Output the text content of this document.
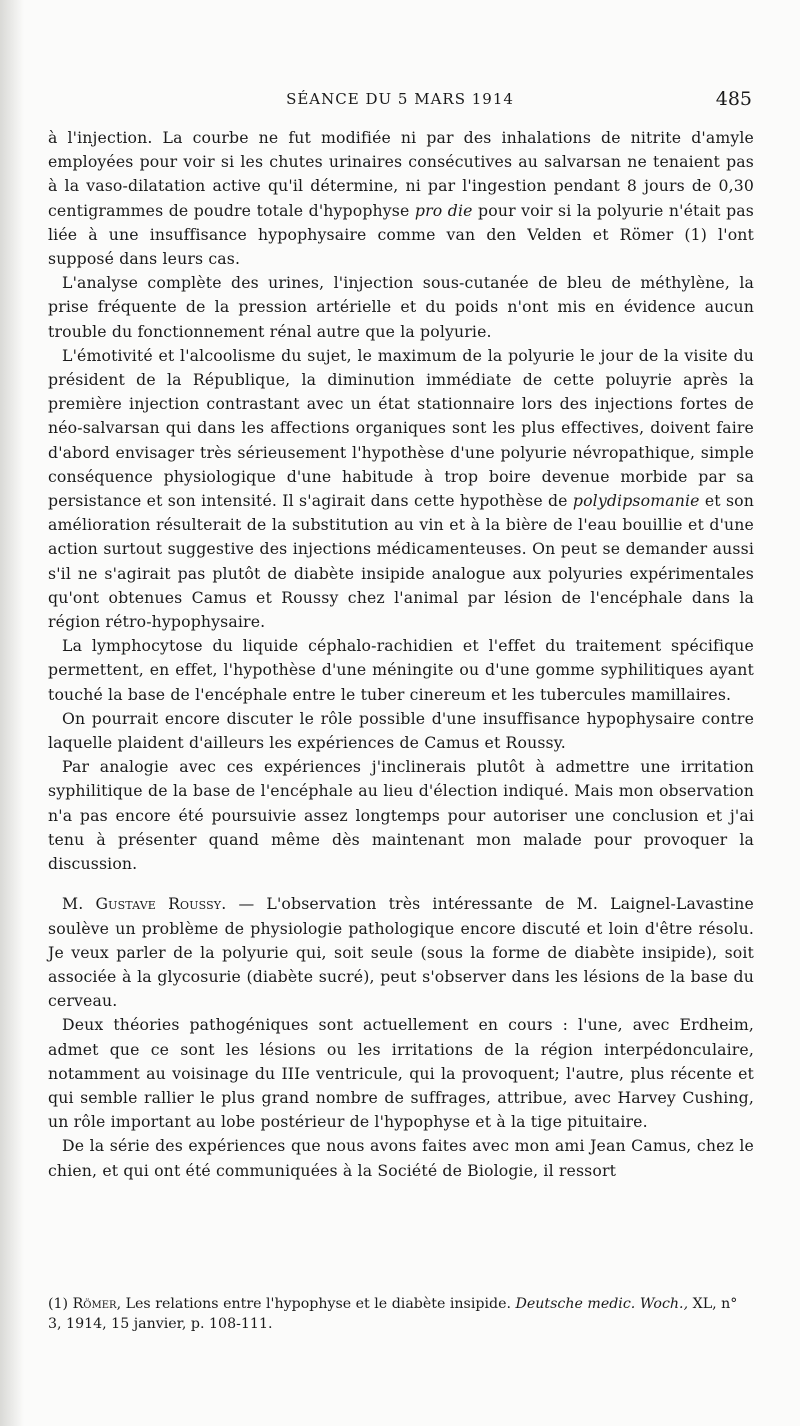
SÉANCE DU 5 MARS 1914	485

à l'injection. La courbe ne fut modifiée ni par des inhalations de nitrite d'amyle employées pour voir si les chutes urinaires consécutives au salvarsan ne tenaient pas à la vaso-dilatation active qu'il détermine, ni par l'ingestion pendant 8 jours de 0,30 centigrammes de poudre totale d'hypophyse pro die pour voir si la polyurie n'était pas liée à une insuffisance hypophysaire comme van den Velden et Römer (1) l'ont supposé dans leurs cas.

L'analyse complète des urines, l'injection sous-cutanée de bleu de méthylène, la prise fréquente de la pression artérielle et du poids n'ont mis en évidence aucun trouble du fonctionnement rénal autre que la polyurie.

L'émotivité et l'alcoolisme du sujet, le maximum de la polyurie le jour de la visite du président de la République, la diminution immédiate de cette poluyrie après la première injection contrastant avec un état stationnaire lors des injections fortes de néo-salvarsan qui dans les affections organiques sont les plus effectives, doivent faire d'abord envisager très sérieusement l'hypothèse d'une polyurie névropathique, simple conséquence physiologique d'une habitude à trop boire devenue morbide par sa persistance et son intensité. Il s'agirait dans cette hypothèse de polydipsomanie et son amélioration résulterait de la substitution au vin et à la bière de l'eau bouillie et d'une action surtout suggestive des injections médicamenteuses. On peut se demander aussi s'il ne s'agirait pas plutôt de diabète insipide analogue aux polyuries expérimentales qu'ont obtenues Camus et Roussy chez l'animal par lésion de l'encéphale dans la région rétro-hypophysaire.

La lymphocytose du liquide céphalo-rachidien et l'effet du traitement spécifique permettent, en effet, l'hypothèse d'une méningite ou d'une gomme syphilitiques ayant touché la base de l'encéphale entre le tuber cinereum et les tubercules mamillaires.

On pourrait encore discuter le rôle possible d'une insuffisance hypophysaire contre laquelle plaident d'ailleurs les expériences de Camus et Roussy.

Par analogie avec ces expériences j'inclinerais plutôt à admettre une irritation syphilitique de la base de l'encéphale au lieu d'élection indiqué. Mais mon observation n'a pas encore été poursuivie assez longtemps pour autoriser une conclusion et j'ai tenu à présenter quand même dès maintenant mon malade pour provoquer la discussion.

M. Gustave Roussy. — L'observation très intéressante de M. Laignel-Lavastine soulève un problème de physiologie pathologique encore discuté et loin d'être résolu. Je veux parler de la polyurie qui, soit seule (sous la forme de diabète insipide), soit associée à la glycosurie (diabète sucré), peut s'observer dans les lésions de la base du cerveau.

Deux théories pathogéniques sont actuellement en cours : l'une, avec Erdheim, admet que ce sont les lésions ou les irritations de la région interpédonculaire, notamment au voisinage du IIIe ventricule, qui la provoquent; l'autre, plus récente et qui semble rallier le plus grand nombre de suffrages, attribue, avec Harvey Cushing, un rôle important au lobe postérieur de l'hypophyse et à la tige pituitaire.

De la série des expériences que nous avons faites avec mon ami Jean Camus, chez le chien, et qui ont été communiquées à la Société de Biologie, il ressort

(1) Römer, Les relations entre l'hypophyse et le diabète insipide. Deutsche medic. Woch., XL, n° 3, 1914, 15 janvier, p. 108-111.
